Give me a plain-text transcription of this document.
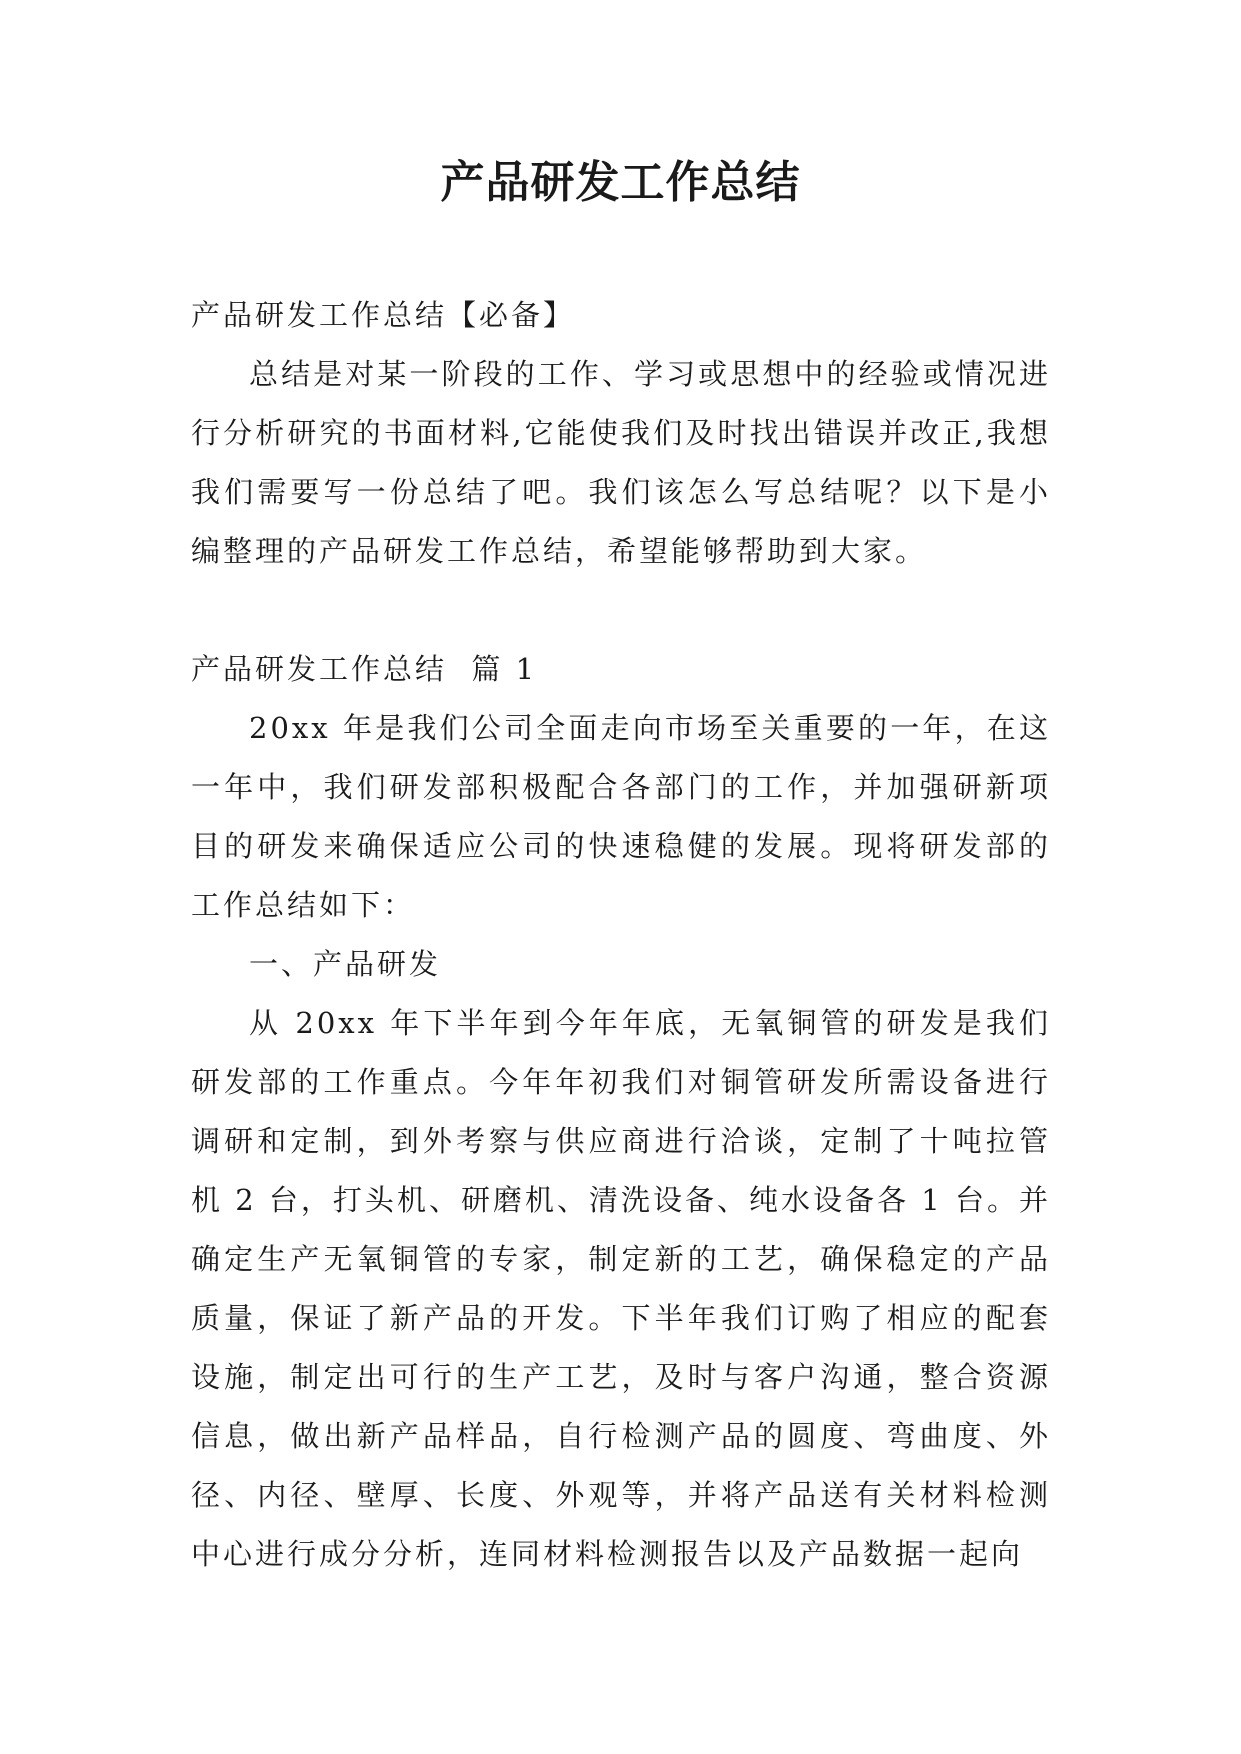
产品研发工作总结

产品研发工作总结【必备】

总结是对某一阶段的工作、学习或思想中的经验或情况进行分析研究的书面材料,它能使我们及时找出错误并改正,我想我们需要写一份总结了吧。我们该怎么写总结呢？以下是小编整理的产品研发工作总结，希望能够帮助到大家。

产品研发工作总结  篇 1

20xx 年是我们公司全面走向市场至关重要的一年，在这一年中，我们研发部积极配合各部门的工作，并加强研新项目的研发来确保适应公司的快速稳健的发展。现将研发部的工作总结如下：

一、产品研发

从 20xx 年下半年到今年年底，无氧铜管的研发是我们研发部的工作重点。今年年初我们对铜管研发所需设备进行调研和定制，到外考察与供应商进行洽谈，定制了十吨拉管机 2 台，打头机、研磨机、清洗设备、纯水设备各 1 台。并确定生产无氧铜管的专家，制定新的工艺，确保稳定的产品质量，保证了新产品的开发。下半年我们订购了相应的配套设施，制定出可行的生产工艺，及时与客户沟通，整合资源信息，做出新产品样品，自行检测产品的圆度、弯曲度、外径、内径、壁厚、长度、外观等，并将产品送有关材料检测中心进行成分分析，连同材料检测报告以及产品数据一起向
